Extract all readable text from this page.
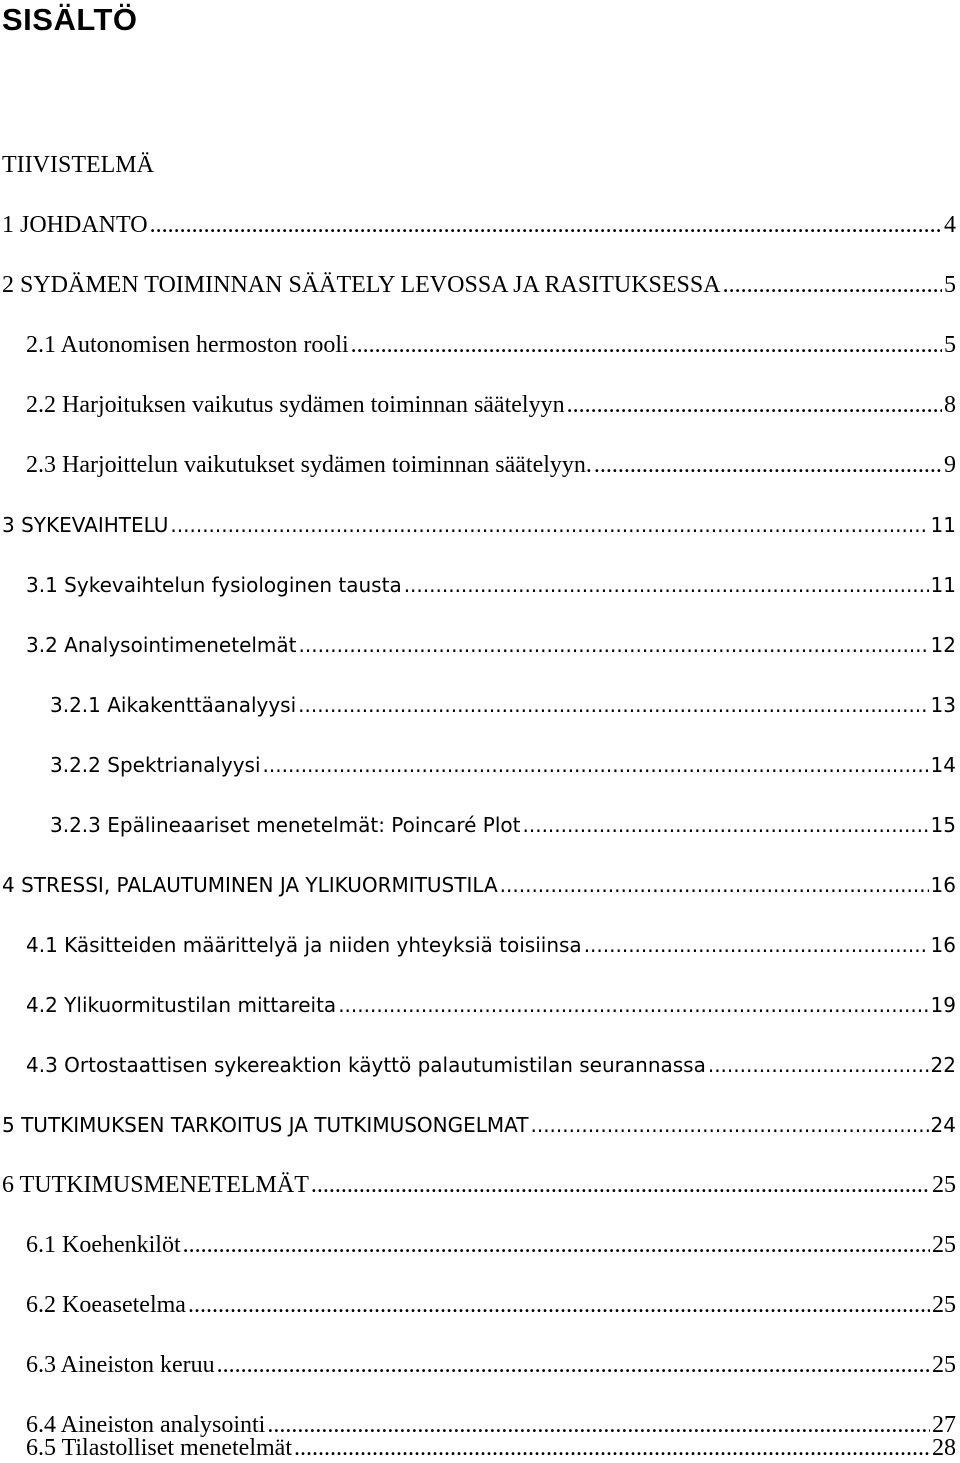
SISÄLTÖ
TIIVISTELMÄ
1 JOHDANTO .....	4
2 SYDÄMEN TOIMINNAN SÄÄTELY LEVOSSA JA RASITUKSESSA .....	5
2.1 Autonomisen hermoston rooli .....	5
2.2 Harjoituksen vaikutus sydämen toiminnan säätelyyn .....	8
2.3 Harjoittelun vaikutukset sydämen toiminnan säätelyyn. .....	9
3 SYKEVAIHTELU .....	11
3.1 Sykevaihtelun fysiologinen tausta .....	11
3.2 Analysointimenetelmät .....	12
3.2.1 Aikakenttäanalyysi .....	13
3.2.2 Spektrianalyysi .....	14
3.2.3 Epälineaariset menetelmät: Poincaré Plot .....	15
4 STRESSI, PALAUTUMINEN JA YLIKUORMITUSTILA .....	16
4.1 Käsitteiden määrittelyä ja niiden yhteyksiä toisiinsa .....	16
4.2 Ylikuormitustilan mittareita .....	19
4.3 Ortostaattisen sykereaktion käyttö palautumistilan seurannassa .....	22
5 TUTKIMUKSEN TARKOITUS JA TUTKIMUSONGELMAT .....	24
6 TUTKIMUSMENETELMÄT .....	25
6.1 Koehenkilöt .....	25
6.2 Koeasetelma .....	25
6.3 Aineiston keruu .....	25
6.4 Aineiston analysointi .....	27
6.5 Tilastolliset menetelmät .....	28
